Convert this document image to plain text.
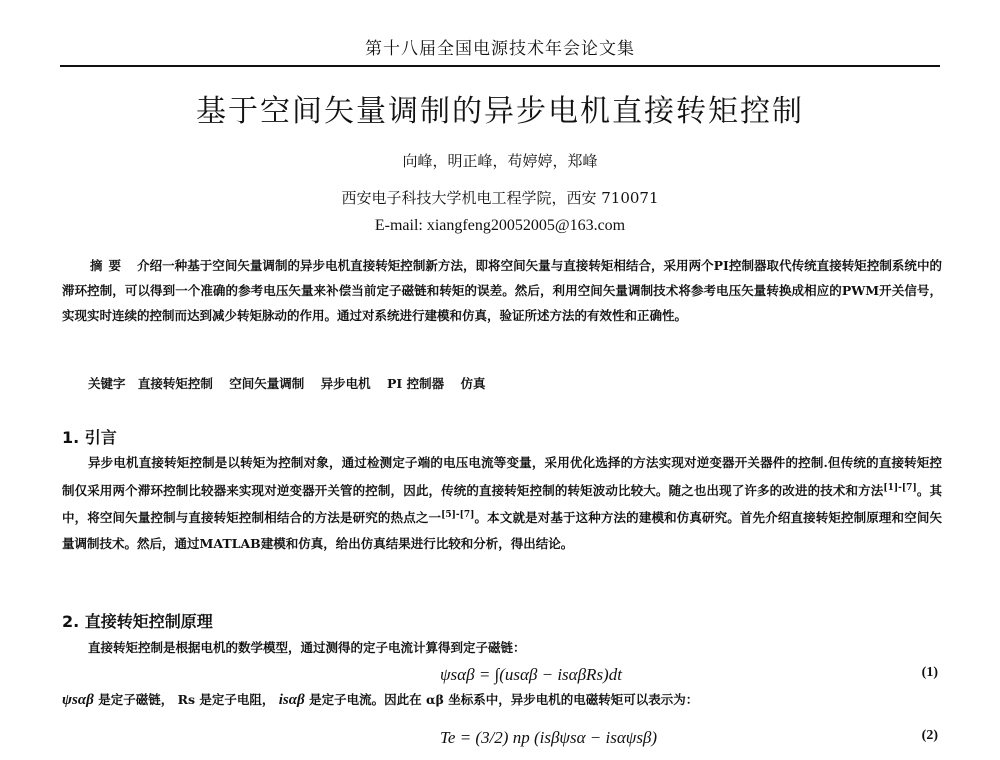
第十八届全国电源技术年会论文集
基于空间矢量调制的异步电机直接转矩控制
向峰，明正峰，苟婷婷，郑峰
西安电子科技大学机电工程学院，西安 710071
E-mail: xiangfeng20052005@163.com
摘要 介绍一种基于空间矢量调制的异步电机直接转矩控制新方法，即将空间矢量与直接转矩相结合，采用两个PI控制器取代传统直接转矩控制系统中的滞环控制，可以得到一个准确的参考电压矢量来补偿当前定子磁链和转矩的误差。然后，利用空间矢量调制技术将参考电压矢量转换成相应的PWM开关信号，实现实时连续的控制而达到减少转矩脉动的作用。通过对系统进行建模和仿真，验证所述方法的有效性和正确性。
关键字 直接转矩控制 空间矢量调制 异步电机 PI 控制器 仿真
1. 引言
异步电机直接转矩控制是以转矩为控制对象，通过检测定子端的电压电流等变量，采用优化选择的方法实现对逆变器开关器件的控制.但传统的直接转矩控制仅采用两个滞环控制比较器来实现对逆变器开关管的控制，因此，传统的直接转矩控制的转矩波动比较大。随之也出现了许多的改进的技术和方法[1]-[7]。其中，将空间矢量控制与直接转矩控制相结合的方法是研究的热点之一[5]-[7]。本文就是对基于这种方法的建模和仿真研究。首先介绍直接转矩控制原理和空间矢量调制技术。然后，通过MATLAB建模和仿真，给出仿真结果进行比较和分析，得出结论。
2. 直接转矩控制原理
直接转矩控制是根据电机的数学模型，通过测得的定子电流计算得到定子磁链：
ψsαβ = ∫(usαβ − isαβRs)dt	(1)
ψsαβ 是定子磁链， Rs 是定子电阻， isαβ 是定子电流。因此在 αβ 坐标系中，异步电机的电磁转矩可以表示为：
Te = (3/2) np (isβψsα − isαψsβ)	(2)
